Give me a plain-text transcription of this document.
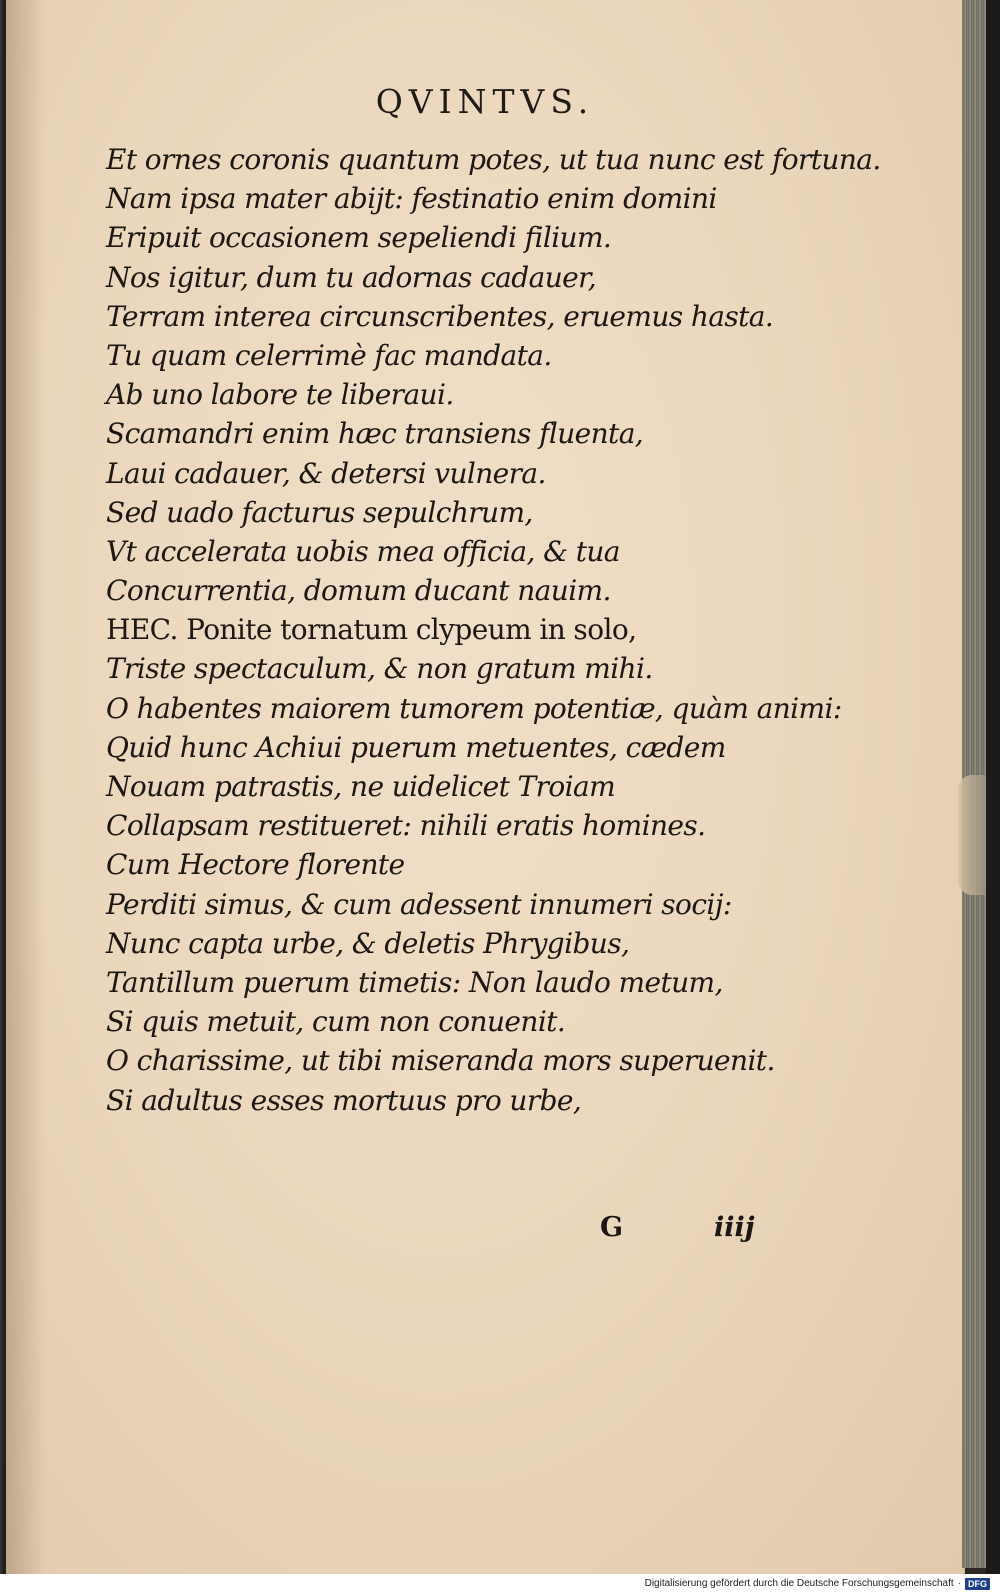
QVINTVS.
Et ornes coronis quantum potes, ut tua nunc est fortuna.
Nam ipsa mater abijt: festinatio enim domini
Eripuit occasionem sepeliendi filium.
Nos igitur, dum tu adornas cadauer,
Terram interea circunscribentes, eruemus hasta.
Tu quam celerrimè fac mandata.
Ab uno labore te liberaui.
Scamandri enim hæc transiens fluenta,
Laui cadauer, & detersi vulnera.
Sed uado facturus sepulchrum,
Vt accelerata uobis mea officia, & tua
Concurrentia, domum ducant nauim.
HEC. Ponite tornatum clypeum in solo,
Triste spectaculum, & non gratum mihi.
O habentes maiorem tumorem potentiæ, quàm animi:
Quid hunc Achiui puerum metuentes, cædem
Nouam patrastis, ne uidelicet Troiam
Collapsam restitueret: nihili eratis homines.
Cum Hectore florente
Perditi simus, & cum adessent innumeri socij:
Nunc capta urbe, & deletis Phrygibus,
Tantillum puerum timetis: Non laudo metum,
Si quis metuit, cum non conuenit.
O charissime, ut tibi miseranda mors superuenit.
Si adultus esses mortuus pro urbe,
G	iiij
Digitalisierung gefördert durch die Deutsche Forschungsgemeinschaft · DFG
